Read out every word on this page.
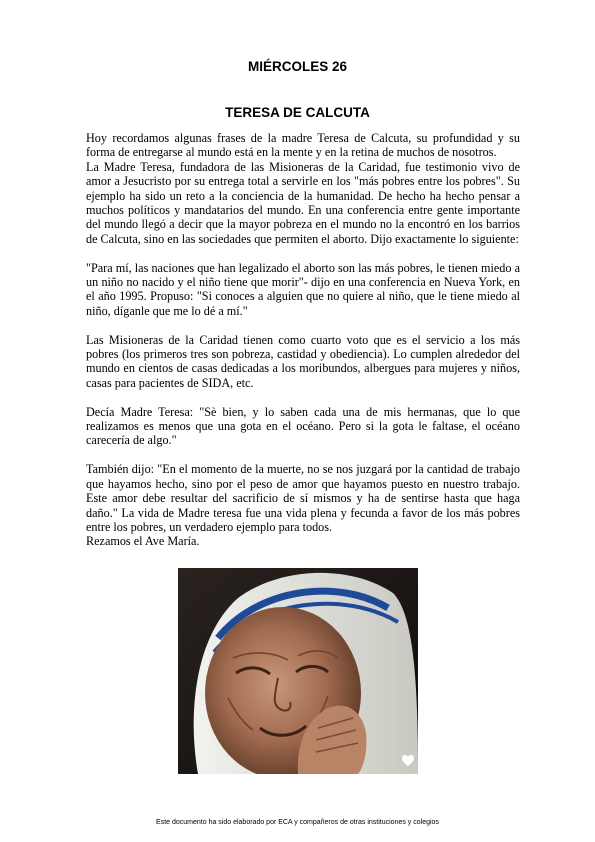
MIÉRCOLES 26
TERESA DE CALCUTA

Hoy recordamos algunas frases de la madre Teresa de Calcuta, su profundidad y su forma de entregarse al mundo está en la mente y en la retina de muchos de nosotros.

La Madre Teresa, fundadora de las Misioneras de la Caridad, fue testimonio vivo de amor a Jesucristo por su entrega total a servirle en los "más pobres entre los pobres". Su ejemplo ha sido un reto a la conciencia de la humanidad. De hecho ha hecho pensar a muchos políticos y mandatarios del mundo. En una conferencia entre gente importante del mundo llegó a decir que la mayor pobreza en el mundo no la encontró en los barrios de Calcuta, sino en las sociedades que permiten el aborto. Dijo exactamente lo siguiente:

"Para mí, las naciones que han legalizado el aborto son las más pobres, le tienen miedo a un niño no nacido y el niño tiene que morir"- dijo en una conferencia en Nueva York, en el año 1995. Propuso: "Si conoces a alguien que no quiere al niño, que le tiene miedo al niño, díganle que me lo dé a mí."

Las Misioneras de la Caridad tienen como cuarto voto que es el servicio a los más pobres (los primeros tres son pobreza, castidad y obediencia). Lo cumplen alrededor del mundo en cientos de casas dedicadas a los moribundos, albergues para mujeres y niños, casas para pacientes de SIDA, etc.

Decía Madre Teresa: "Sè bien, y lo saben cada una de mis hermanas, que lo que realizamos es menos que una gota en el océano. Pero si la gota le faltase, el océano carecería de algo."

También dijo: "En el momento de la muerte, no se nos juzgará por la cantidad de trabajo que hayamos hecho, sino por el peso de amor que hayamos puesto en nuestro trabajo. Este amor debe resultar del sacrificio de sí mismos y ha de sentirse hasta que haga daño." La vida de Madre teresa fue una vida plena y fecunda a favor de los más pobres entre los pobres, un verdadero ejemplo para todos.

Rezamos el Ave María.

Este documento ha sido elaborado por ECA y compañeros de otras instituciones y colegios
